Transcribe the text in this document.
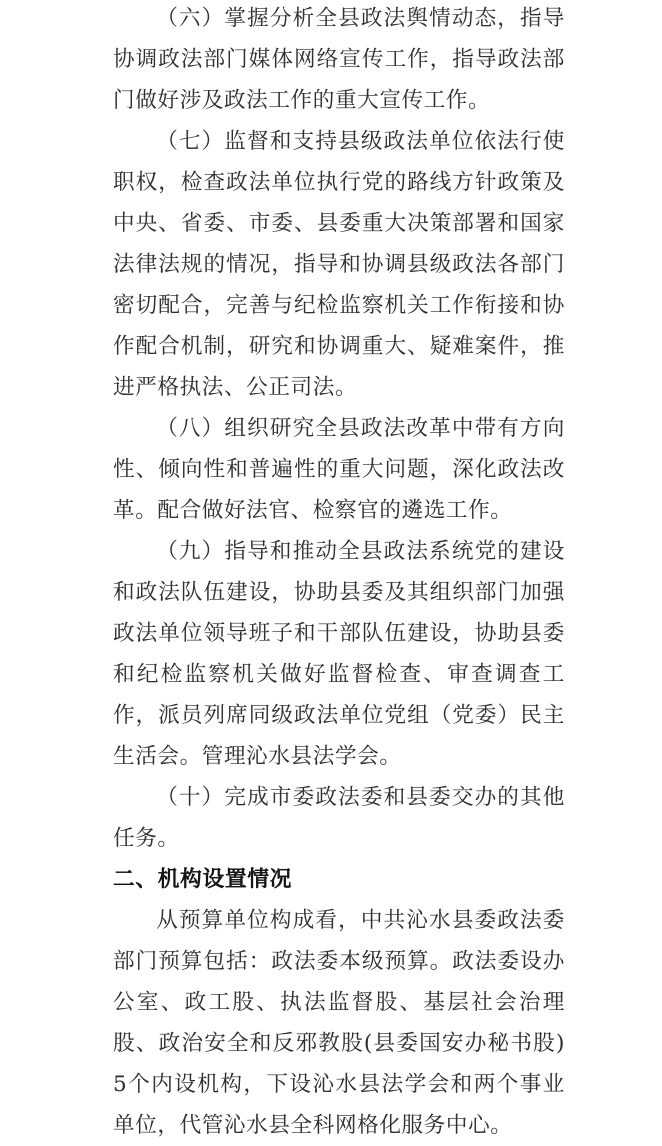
（六）掌握分析全县政法舆情动态，指导协调政法部门媒体网络宣传工作，指导政法部门做好涉及政法工作的重大宣传工作。

（七）监督和支持县级政法单位依法行使职权，检查政法单位执行党的路线方针政策及中央、省委、市委、县委重大决策部署和国家法律法规的情况，指导和协调县级政法各部门密切配合，完善与纪检监察机关工作衔接和协作配合机制，研究和协调重大、疑难案件，推进严格执法、公正司法。

（八）组织研究全县政法改革中带有方向性、倾向性和普遍性的重大问题，深化政法改革。配合做好法官、检察官的遴选工作。

（九）指导和推动全县政法系统党的建设和政法队伍建设，协助县委及其组织部门加强政法单位领导班子和干部队伍建设，协助县委和纪检监察机关做好监督检查、审查调查工作，派员列席同级政法单位党组（党委）民主生活会。管理沁水县法学会。

（十）完成市委政法委和县委交办的其他任务。

二、机构设置情况

从预算单位构成看，中共沁水县委政法委部门预算包括：政法委本级预算。政法委设办公室、政工股、执法监督股、基层社会治理股、政治安全和反邪教股(县委国安办秘书股)5个内设机构，下设沁水县法学会和两个事业单位，代管沁水县全科网格化服务中心。
